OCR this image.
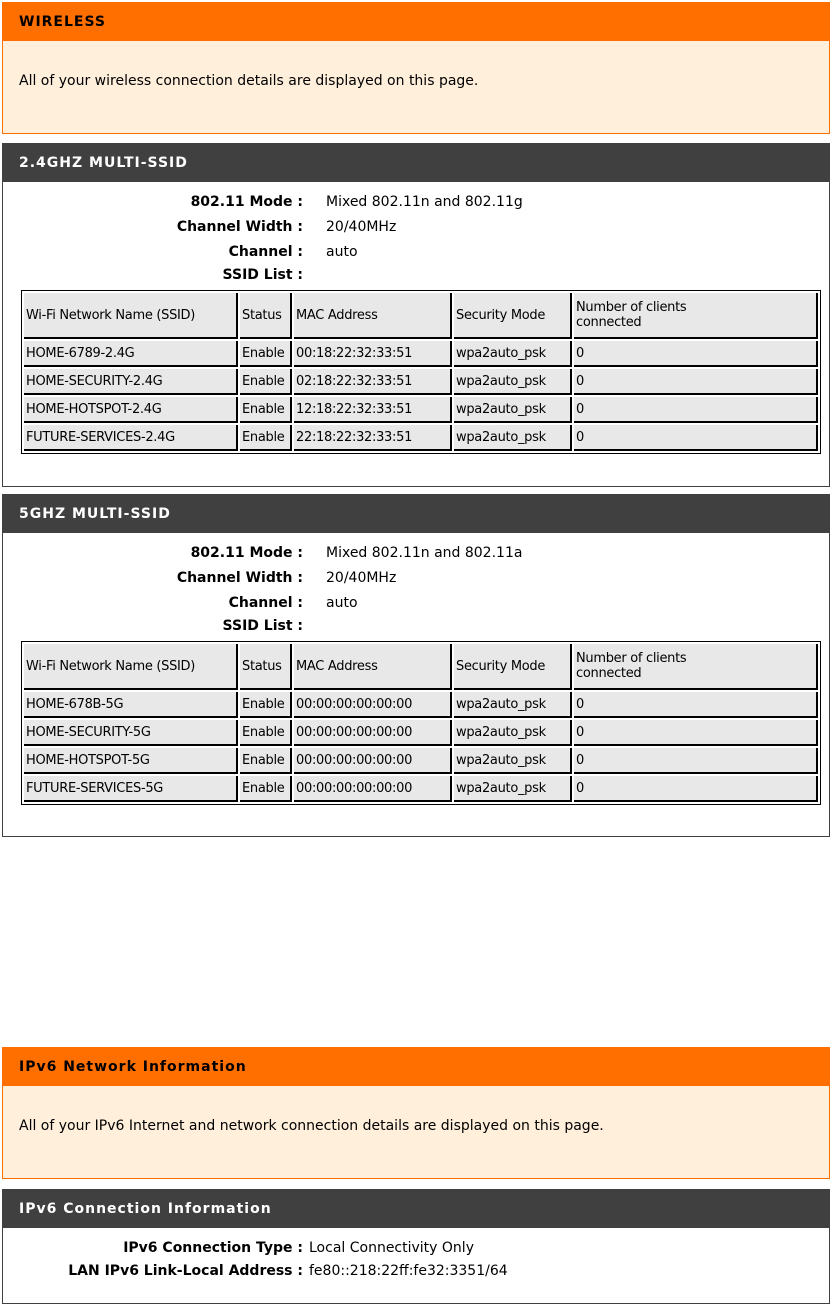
WIRELESS
All of your wireless connection details are displayed on this page.
2.4GHZ MULTI-SSID
802.11 Mode : Mixed 802.11n and 802.11g
Channel Width : 20/40MHz
Channel : auto
SSID List :
Wi-Fi Network Name (SSID)	Status	MAC Address	Security Mode	Number of clients connected
HOME-6789-2.4G	Enable	00:18:22:32:33:51	wpa2auto_psk	0
HOME-SECURITY-2.4G	Enable	02:18:22:32:33:51	wpa2auto_psk	0
HOME-HOTSPOT-2.4G	Enable	12:18:22:32:33:51	wpa2auto_psk	0
FUTURE-SERVICES-2.4G	Enable	22:18:22:32:33:51	wpa2auto_psk	0
5GHZ MULTI-SSID
802.11 Mode : Mixed 802.11n and 802.11a
Channel Width : 20/40MHz
Channel : auto
SSID List :
Wi-Fi Network Name (SSID)	Status	MAC Address	Security Mode	Number of clients connected
HOME-678B-5G	Enable	00:00:00:00:00:00	wpa2auto_psk	0
HOME-SECURITY-5G	Enable	00:00:00:00:00:00	wpa2auto_psk	0
HOME-HOTSPOT-5G	Enable	00:00:00:00:00:00	wpa2auto_psk	0
FUTURE-SERVICES-5G	Enable	00:00:00:00:00:00	wpa2auto_psk	0
IPv6 Network Information
All of your IPv6 Internet and network connection details are displayed on this page.
IPv6 Connection Information
IPv6 Connection Type : Local Connectivity Only
LAN IPv6 Link-Local Address : fe80::218:22ff:fe32:3351/64
